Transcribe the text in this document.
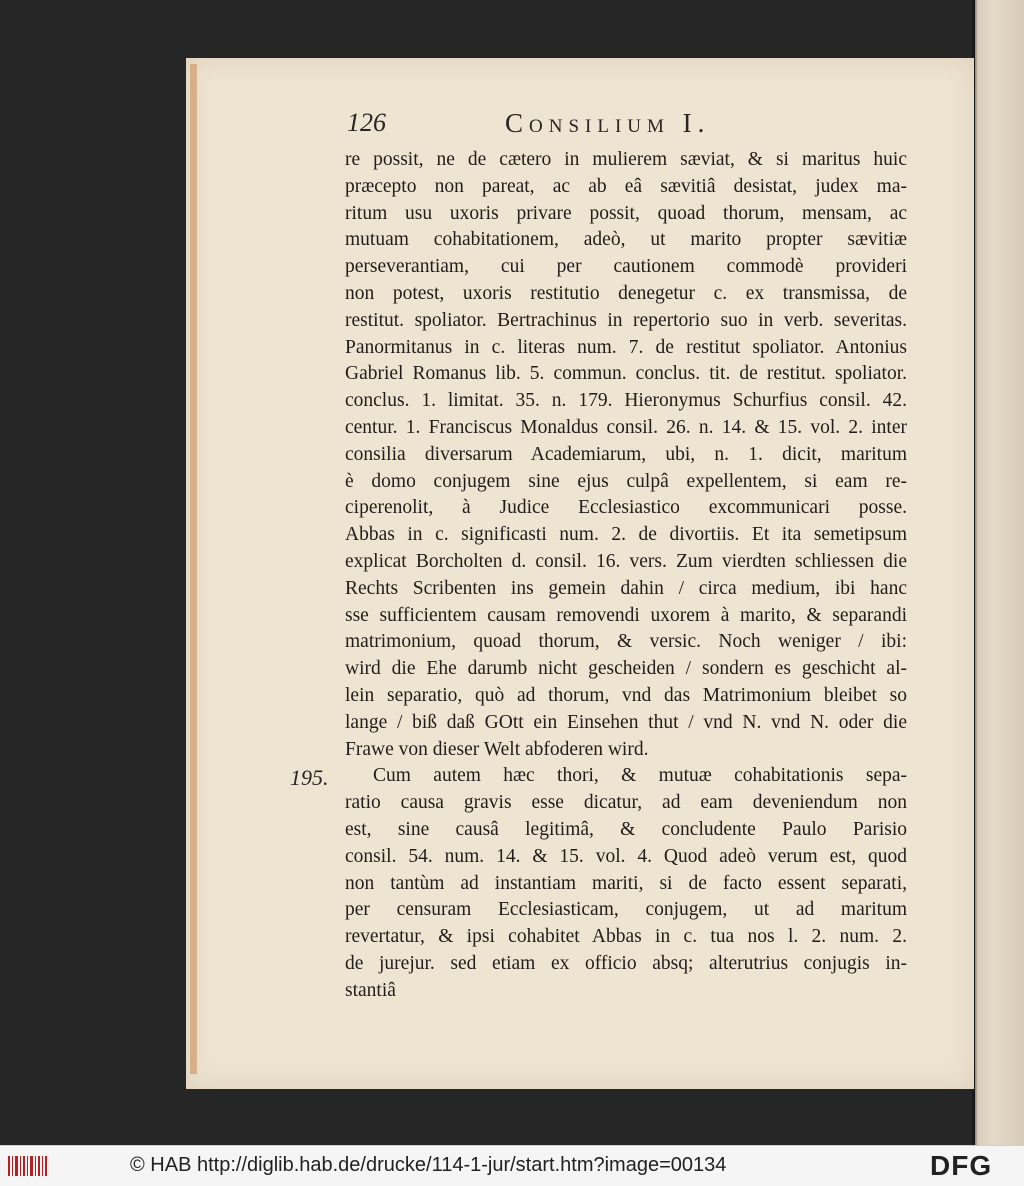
126	Consilium I.
195.
re possit, ne de cætero in mulierem sæviat, & si maritus huic
præcepto non pareat, ac ab eâ sævitiâ desistat, judex ma-
ritum usu uxoris privare possit, quoad thorum, mensam, ac
mutuam cohabitationem, adeò, ut marito propter sævitiæ
perseverantiam, cui per cautionem commodè provideri
non potest, uxoris restitutio denegetur c. ex transmissa, de
restitut. spoliator. Bertrachinus in repertorio suo in verb. severitas.
Panormitanus in c. literas num. 7. de restitut spoliator. Antonius
Gabriel Romanus lib. 5. commun. conclus. tit. de restitut. spoliator.
conclus. 1. limitat. 35. n. 179. Hieronymus Schurfius consil. 42.
centur. 1. Franciscus Monaldus consil. 26. n. 14. & 15. vol. 2. inter
consilia diversarum Academiarum, ubi, n. 1. dicit, maritum
è domo conjugem sine ejus culpâ expellentem, si eam re-
ciperenolit, à Judice Ecclesiastico excommunicari posse.
Abbas in c. significasti num. 2. de divortiis. Et ita semetipsum
explicat Borcholten d. consil. 16. vers. Zum vierdten schliessen die
Rechts Scribenten ins gemein dahin / circa medium, ibi hanc
sse sufficientem causam removendi uxorem à marito, & separandi
matrimonium, quoad thorum, & versic. Noch weniger / ibi:
wird die Ehe darumb nicht gescheiden / sondern es geschicht al-
lein separatio, quò ad thorum, vnd das Matrimonium bleibet so
lange / biß daß GOtt ein Einsehen thut / vnd N. vnd N. oder die
Frawe von dieser Welt abfoderen wird.
Cum autem hæc thori, & mutuæ cohabitationis sepa-
ratio causa gravis esse dicatur, ad eam deveniendum non
est, sine causâ legitimâ, & concludente Paulo Parisio
consil. 54. num. 14. & 15. vol. 4. Quod adeò verum est, quod
non tantùm ad instantiam mariti, si de facto essent separati,
per censuram Ecclesiasticam, conjugem, ut ad maritum
revertatur, & ipsi cohabitet Abbas in c. tua nos l. 2. num. 2.
de jurejur. sed etiam ex officio absq; alterutrius conjugis in-
stantiâ
© HAB http://diglib.hab.de/drucke/114-1-jur/start.htm?image=00134	DFG
